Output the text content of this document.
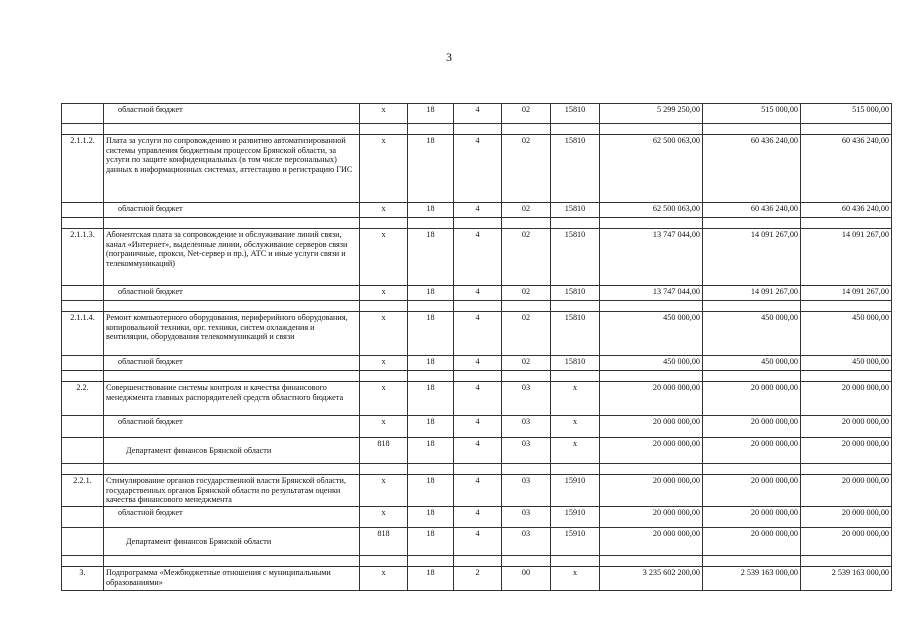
3
	областной бюджет	х	18	4	02	15810	5 299 250,00	515 000,00	515 000,00

2.1.1.2.	Плата за услуги по сопровождению и развитию автоматизированной системы управления бюджетным процессом Брянской области, за услуги по защите конфиденциальных (в том числе персональных) данных в информационных системах, аттестацию и регистрацию ГИС	х	18	4	02	15810	62 500 063,00	60 436 240,00	60 436 240,00
	областной бюджет	х	18	4	02	15810	62 500 063,00	60 436 240,00	60 436 240,00

2.1.1.3.	Абонентская плата за сопровождение и обслуживание линий связи, канал «Интернет», выделенные линии, обслуживание серверов связи (пограничные, прокси, Net-сервер и пр.), АТС и иные услуги связи и телекоммуникаций)	х	18	4	02	15810	13 747 044,00	14 091 267,00	14 091 267,00
	областной бюджет	х	18	4	02	15810	13 747 044,00	14 091 267,00	14 091 267,00

2.1.1.4.	Ремонт компьютерного оборудования, периферийного оборудования, копировальной техники, орг. техники, систем охлаждения и вентиляции, оборудования телекоммуникаций и связи	х	18	4	02	15810	450 000,00	450 000,00	450 000,00
	областной бюджет	х	18	4	02	15810	450 000,00	450 000,00	450 000,00

2.2.	Совершенствование системы контроля и качества финансового менеджмента главных распорядителей средств областного бюджета	х	18	4	03	х	20 000 000,00	20 000 000,00	20 000 000,00
	областной бюджет	х	18	4	03	х	20 000 000,00	20 000 000,00	20 000 000,00
	Департамент финансов Брянской области	818	18	4	03	х	20 000 000,00	20 000 000,00	20 000 000,00

2.2.1.	Стимулирование органов государственной власти Брянской области, государственных органов Брянской области по результатам оценки качества финансового менеджмента	х	18	4	03	15910	20 000 000,00	20 000 000,00	20 000 000,00
	областной бюджет	х	18	4	03	15910	20 000 000,00	20 000 000,00	20 000 000,00
	Департамент финансов Брянской области	818	18	4	03	15910	20 000 000,00	20 000 000,00	20 000 000,00

3.	Подпрограмма «Межбюджетные отношения с муниципальными образованиями»	х	18	2	00	х	3 235 602 200,00	2 539 163 000,00	2 539 163 000,00
